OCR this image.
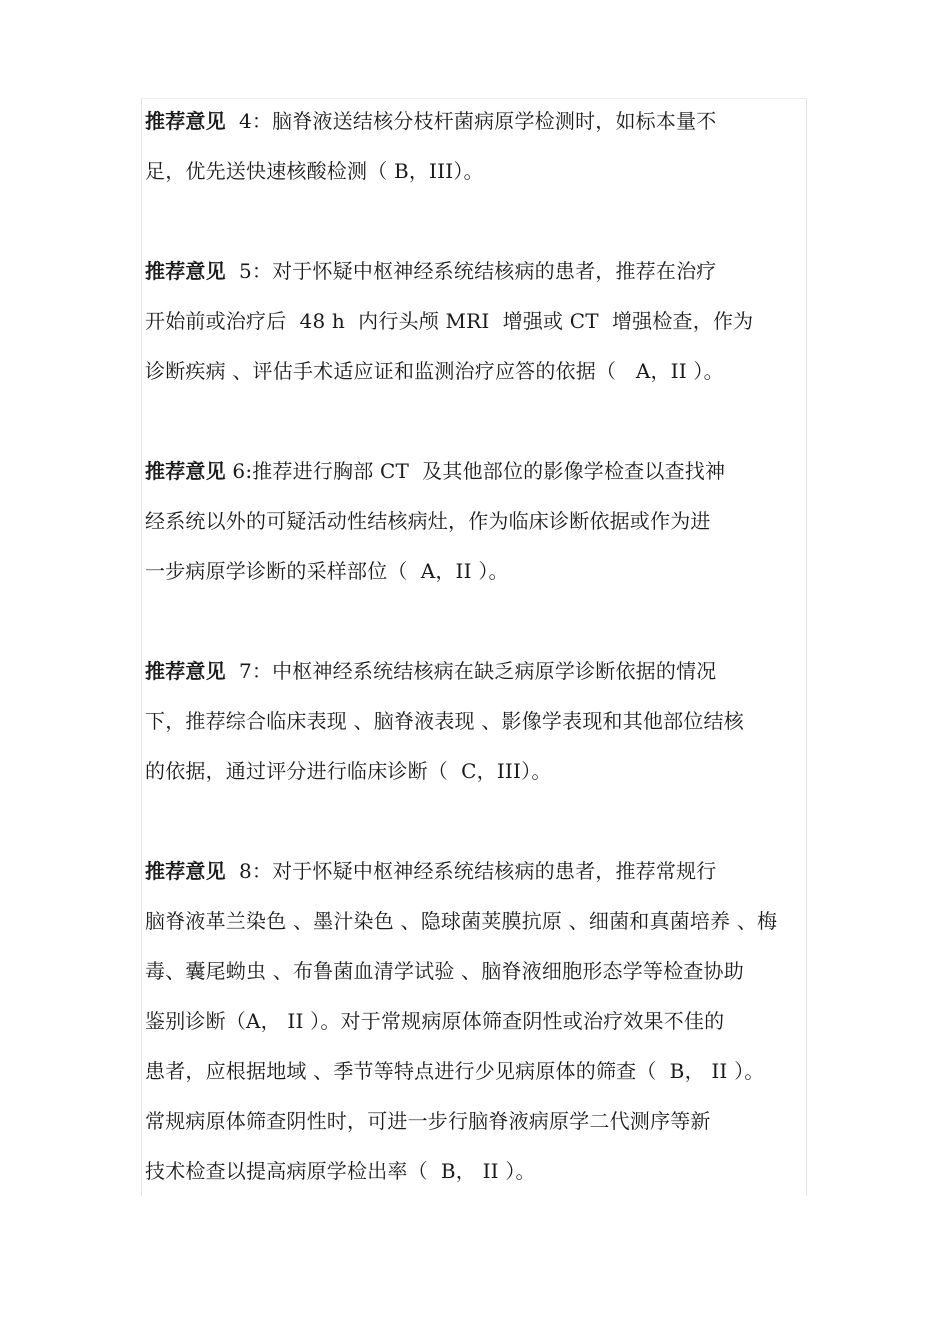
推荐意见 4：脑脊液送结核分枝杆菌病原学检测时，如标本量不
足，优先送快速核酸检测（ B，III）。
推荐意见 5：对于怀疑中枢神经系统结核病的患者，推荐在治疗
开始前或治疗后  48 h  内行头颅 MRI  增强或 CT  增强检查，作为
诊断疾病 、评估手术适应证和监测治疗应答的依据（   A，II ）。
推荐意见 6:推荐进行胸部 CT  及其他部位的影像学检查以查找神
经系统以外的可疑活动性结核病灶，作为临床诊断依据或作为进
一步病原学诊断的采样部位（  A，II ）。
推荐意见 7：中枢神经系统结核病在缺乏病原学诊断依据的情况
下，推荐综合临床表现 、脑脊液表现 、影像学表现和其他部位结核
的依据，通过评分进行临床诊断（  C，III）。
推荐意见 8：对于怀疑中枢神经系统结核病的患者，推荐常规行
脑脊液革兰染色 、墨汁染色 、隐球菌荚膜抗原 、细菌和真菌培养 、梅
毒、囊尾蚴虫 、布鲁菌血清学试验 、脑脊液细胞形态学等检查协助
鉴别诊断（A， II ）。对于常规病原体筛查阴性或治疗效果不佳的
患者，应根据地域 、季节等特点进行少见病原体的筛查（  B， II ）。
常规病原体筛查阴性时，可进一步行脑脊液病原学二代测序等新
技术检查以提高病原学检出率（  B， II ）。
